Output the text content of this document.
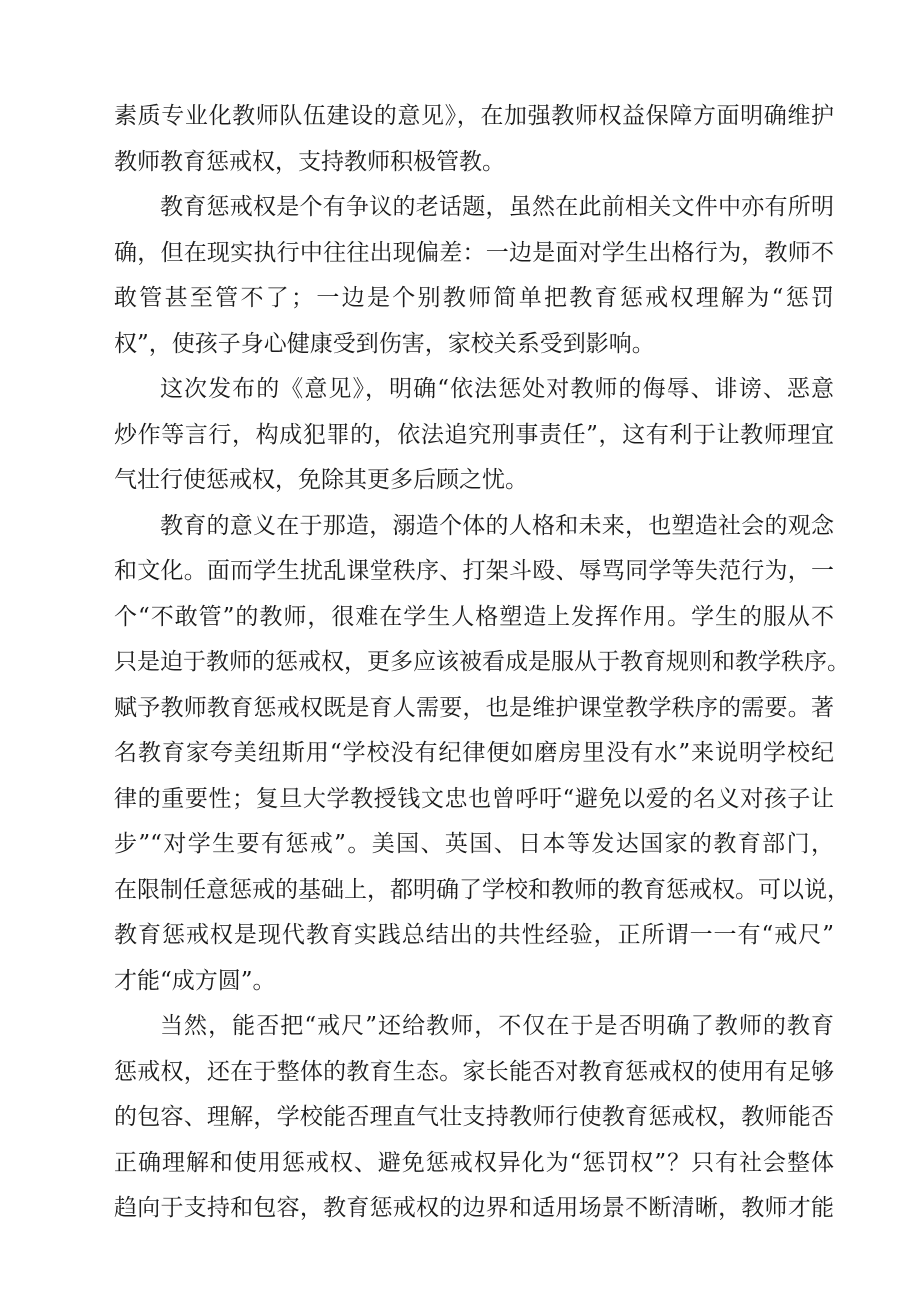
素质专业化教师队伍建设的意见》，在加强教师权益保障方面明确维护
教师教育惩戒权，支持教师积极管教。
教育惩戒权是个有争议的老话题，虽然在此前相关文件中亦有所明
确，但在现实执行中往往出现偏差：一边是面对学生出格行为，教师不
敢管甚至管不了；一边是个别教师简单把教育惩戒权理解为“惩罚
权”，使孩子身心健康受到伤害，家校关系受到影响。
这次发布的《意见》，明确“依法惩处对教师的侮辱、诽谤、恶意
炒作等言行，构成犯罪的，依法追究刑事责任”，这有利于让教师理宜
气壮行使惩戒权，免除其更多后顾之忧。
教育的意义在于那造，溺造个体的人格和未来，也塑造社会的观念
和文化。面而学生扰乱课堂秩序、打架斗殴、辱骂同学等失范行为，一
个“不敢管”的教师，很难在学生人格塑造上发挥作用。学生的服从不
只是迫于教师的惩戒权，更多应该被看成是服从于教育规则和教学秩序。
赋予教师教育惩戒权既是育人需要，也是维护课堂教学秩序的需要。著
名教育家夸美纽斯用“学校没有纪律便如磨房里没有水”来说明学校纪
律的重要性；复旦大学教授钱文忠也曾呼吁“避免以爱的名义对孩子让
步”“对学生要有惩戒”。美国、英国、日本等发达国家的教育部门，
在限制任意惩戒的基础上，都明确了学校和教师的教育惩戒权。可以说，
教育惩戒权是现代教育实践总结出的共性经验，正所谓一一有“戒尺”
才能“成方圆”。
当然，能否把“戒尺”还给教师，不仅在于是否明确了教师的教育
惩戒权，还在于整体的教育生态。家长能否对教育惩戒权的使用有足够
的包容、理解，学校能否理直气壮支持教师行使教育惩戒权，教师能否
正确理解和使用惩戒权、避免惩戒权异化为“惩罚权”？只有社会整体
趋向于支持和包容，教育惩戒权的边界和适用场景不断清晰，教师才能
